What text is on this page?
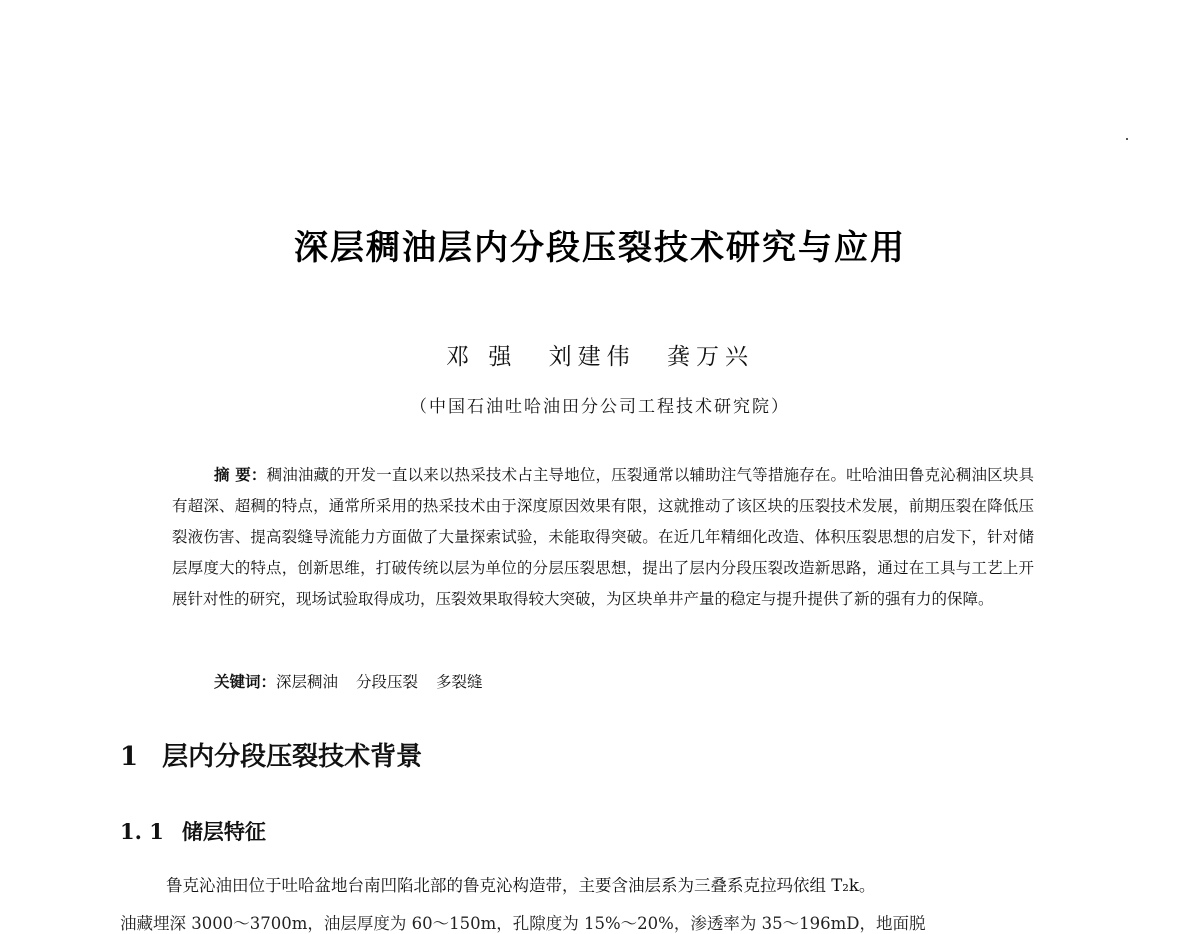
深层稠油层内分段压裂技术研究与应用
邓 强 刘建伟 龚万兴

（中国石油吐哈油田分公司工程技术研究院）

摘 要：稠油油藏的开发一直以来以热采技术占主导地位，压裂通常以辅助注气等措施存在。吐哈油田鲁克沁稠油区块具有超深、超稠的特点，通常所采用的热采技术由于深度原因效果有限，这就推动了该区块的压裂技术发展，前期压裂在降低压裂液伤害、提高裂缝导流能力方面做了大量探索试验，未能取得突破。在近几年精细化改造、体积压裂思想的启发下，针对储层厚度大的特点，创新思维，打破传统以层为单位的分层压裂思想，提出了层内分段压裂改造新思路，通过在工具与工艺上开展针对性的研究，现场试验取得成功，压裂效果取得较大突破，为区块单井产量的稳定与提升提供了新的强有力的保障。

关键词：深层稠油 分段压裂 多裂缝

1 层内分段压裂技术背景
1. 1 储层特征

鲁克沁油田位于吐哈盆地台南凹陷北部的鲁克沁构造带，主要含油层系为三叠系克拉玛依组 T₂k。

油藏埋深 3000～3700m，油层厚度为 60～150m，孔隙度为 15%～20%，渗透率为 35～196mD，地面脱
